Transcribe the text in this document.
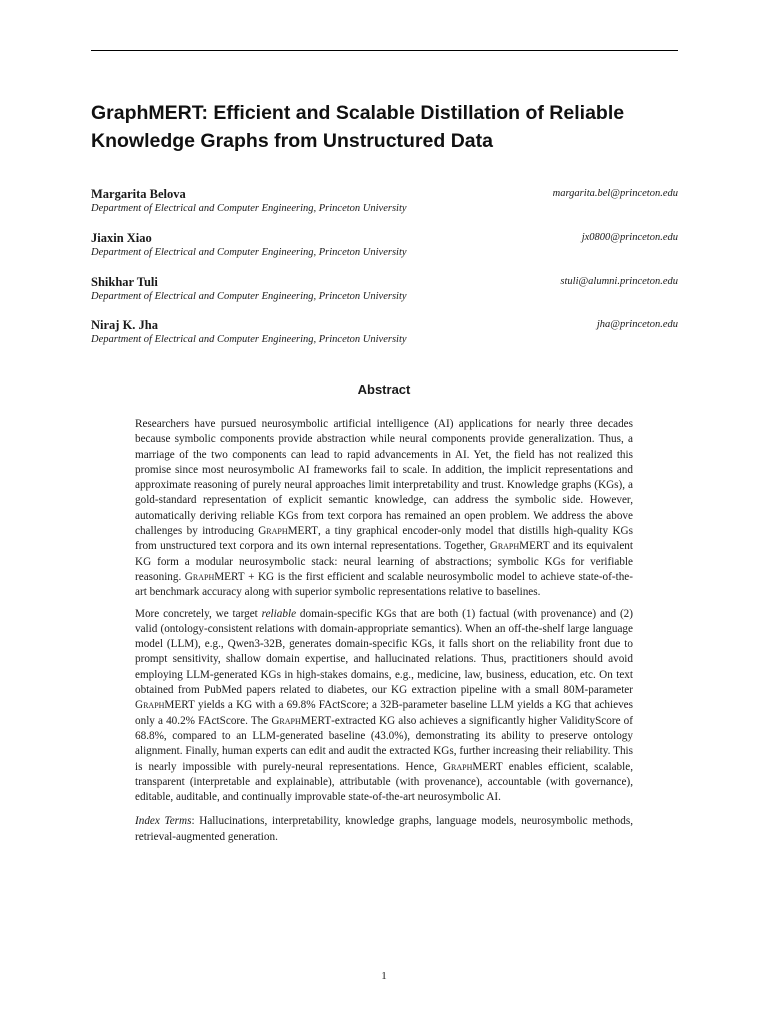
GraphMERT: Efficient and Scalable Distillation of Reliable Knowledge Graphs from Unstructured Data
Margarita Belova	margarita.bel@princeton.edu
Department of Electrical and Computer Engineering, Princeton University
Jiaxin Xiao	jx0800@princeton.edu
Department of Electrical and Computer Engineering, Princeton University
Shikhar Tuli	stuli@alumni.princeton.edu
Department of Electrical and Computer Engineering, Princeton University
Niraj K. Jha	jha@princeton.edu
Department of Electrical and Computer Engineering, Princeton University
Abstract

Researchers have pursued neurosymbolic artificial intelligence (AI) applications for nearly three decades because symbolic components provide abstraction while neural components provide generalization. Thus, a marriage of the two components can lead to rapid advancements in AI. Yet, the field has not realized this promise since most neurosymbolic AI frameworks fail to scale. In addition, the implicit representations and approximate reasoning of purely neural approaches limit interpretability and trust. Knowledge graphs (KGs), a gold-standard representation of explicit semantic knowledge, can address the symbolic side. However, automatically deriving reliable KGs from text corpora has remained an open problem. We address the above challenges by introducing GraphMERT, a tiny graphical encoder-only model that distills high-quality KGs from unstructured text corpora and its own internal representations. Together, GraphMERT and its equivalent KG form a modular neurosymbolic stack: neural learning of abstractions; symbolic KGs for verifiable reasoning. GraphMERT + KG is the first efficient and scalable neurosymbolic model to achieve state-of-the-art benchmark accuracy along with superior symbolic representations relative to baselines.

More concretely, we target reliable domain-specific KGs that are both (1) factual (with provenance) and (2) valid (ontology-consistent relations with domain-appropriate semantics). When an off-the-shelf large language model (LLM), e.g., Qwen3-32B, generates domain-specific KGs, it falls short on the reliability front due to prompt sensitivity, shallow domain expertise, and hallucinated relations. Thus, practitioners should avoid employing LLM-generated KGs in high-stakes domains, e.g., medicine, law, business, education, etc. On text obtained from PubMed papers related to diabetes, our KG extraction pipeline with a small 80M-parameter GraphMERT yields a KG with a 69.8% FActScore; a 32B-parameter baseline LLM yields a KG that achieves only a 40.2% FActScore. The GraphMERT-extracted KG also achieves a significantly higher ValidityScore of 68.8%, compared to an LLM-generated baseline (43.0%), demonstrating its ability to preserve ontology alignment. Finally, human experts can edit and audit the extracted KGs, further increasing their reliability. This is nearly impossible with purely-neural representations. Hence, GraphMERT enables efficient, scalable, transparent (interpretable and explainable), attributable (with provenance), accountable (with governance), editable, auditable, and continually improvable state-of-the-art neurosymbolic AI.

Index Terms: Hallucinations, interpretability, knowledge graphs, language models, neurosymbolic methods, retrieval-augmented generation.

1
